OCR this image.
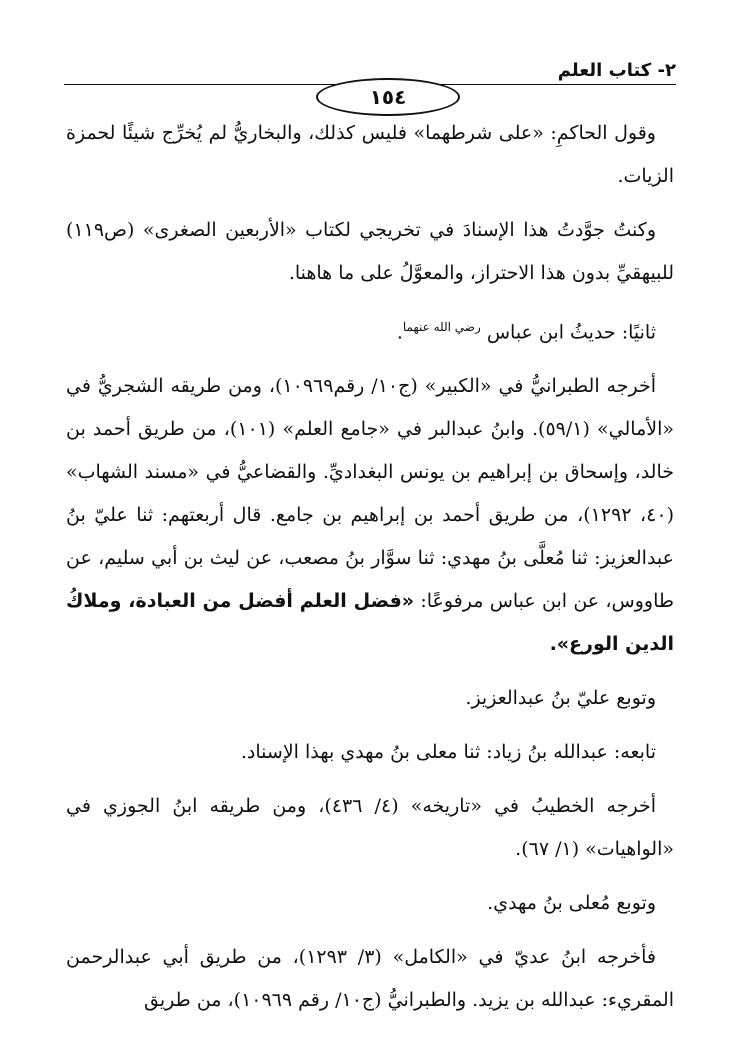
٢- كتاب العلم
١٥٤

وقول الحاكمِ: «على شرطهما» فليس كذلك، والبخاريُّ لم يُخرِّج شيئًا لحمزة الزيات.

وكنتُ جوَّدتُ هذا الإسنادَ في تخريجي لكتاب «الأربعين الصغرى» (ص١١٩) للبيهقيِّ بدون هذا الاحتراز، والمعوَّلُ على ما هاهنا.

ثانيًا: حديثُ ابن عباس $^{رضي الله عنهما}$.

أخرجه الطبرانيُّ في «الكبير» (ج١٠/ رقم١٠٩٦٩)، ومن طريقه الشجريُّ في «الأمالي» (٥٩/١). وابنُ عبدالبر في «جامع العلم» (١٠١)، من طريق أحمد بن خالد، وإسحاق بن إبراهيم بن يونس البغداديِّ. والقضاعيُّ في «مسند الشهاب» (٤٠، ١٢٩٢)، من طريق أحمد بن إبراهيم بن جامع. قال أربعتهم: ثنا عليّ بنُ عبدالعزيز: ثنا مُعلَّى بنُ مهدي: ثنا سوَّار بنُ مصعب، عن ليث بن أبي سليم، عن طاووس، عن ابن عباس مرفوعًا: «فضل العلم أفضل من العبادة، وملاكُ الدين الورع».

وتوبع عليّ بنُ عبدالعزيز.

تابعه: عبدالله بنُ زياد: ثنا معلى بنُ مهدي بهذا الإسناد.

أخرجه الخطيبُ في «تاريخه» (٤/ ٤٣٦)، ومن طريقه ابنُ الجوزي في «الواهيات» (١/ ٦٧).

وتوبع مُعلى بنُ مهدي.

فأخرجه ابنُ عديّ في «الكامل» (٣/ ١٢٩٣)، من طريق أبي عبدالرحمن المقريء: عبدالله بن يزيد. والطبرانيُّ (ج١٠/ رقم ١٠٩٦٩)، من طريق
